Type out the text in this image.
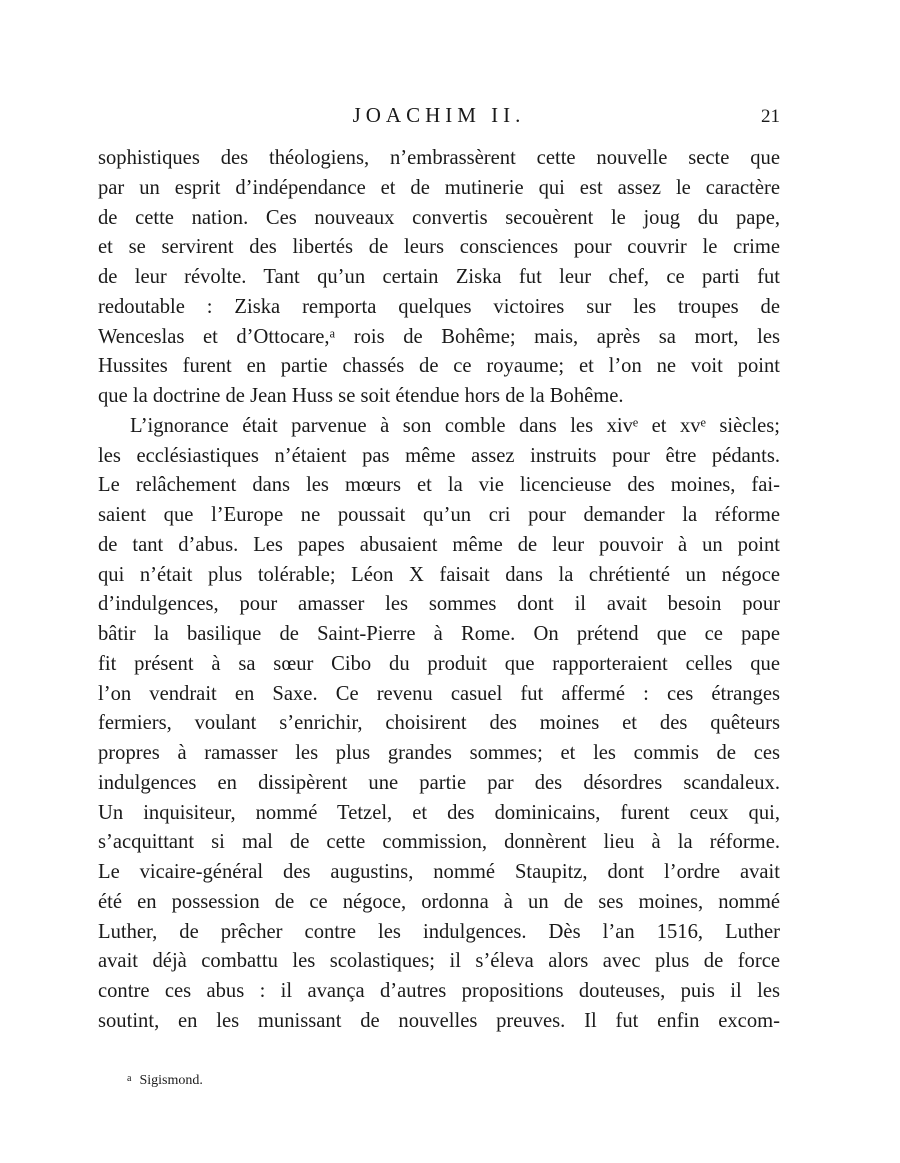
JOACHIM II.	21
sophistiques des théologiens, n’embrassèrent cette nouvelle secte que
par un esprit d’indépendance et de mutinerie qui est assez le caractère
de cette nation. Ces nouveaux convertis secouèrent le joug du pape,
et se servirent des libertés de leurs consciences pour couvrir le crime
de leur révolte. Tant qu’un certain Ziska fut leur chef, ce parti fut
redoutable : Ziska remporta quelques victoires sur les troupes de
Wenceslas et d’Ottocare,ᵃ rois de Bohême; mais, après sa mort, les
Hussites furent en partie chassés de ce royaume; et l’on ne voit point
que la doctrine de Jean Huss se soit étendue hors de la Bohême.
L’ignorance était parvenue à son comble dans les xivᵉ et xvᵉ siècles;
les ecclésiastiques n’étaient pas même assez instruits pour être pédants.
Le relâchement dans les mœurs et la vie licencieuse des moines, fai-
saient que l’Europe ne poussait qu’un cri pour demander la réforme
de tant d’abus. Les papes abusaient même de leur pouvoir à un point
qui n’était plus tolérable; Léon X faisait dans la chrétienté un négoce
d’indulgences, pour amasser les sommes dont il avait besoin pour
bâtir la basilique de Saint-Pierre à Rome. On prétend que ce pape
fit présent à sa sœur Cibo du produit que rapporteraient celles que
l’on vendrait en Saxe. Ce revenu casuel fut affermé : ces étranges
fermiers, voulant s’enrichir, choisirent des moines et des quêteurs
propres à ramasser les plus grandes sommes; et les commis de ces
indulgences en dissipèrent une partie par des désordres scandaleux.
Un inquisiteur, nommé Tetzel, et des dominicains, furent ceux qui,
s’acquittant si mal de cette commission, donnèrent lieu à la réforme.
Le vicaire-général des augustins, nommé Staupitz, dont l’ordre avait
été en possession de ce négoce, ordonna à un de ses moines, nommé
Luther, de prêcher contre les indulgences. Dès l’an 1516, Luther
avait déjà combattu les scolastiques; il s’éleva alors avec plus de force
contre ces abus : il avança d’autres propositions douteuses, puis il les
soutint, en les munissant de nouvelles preuves. Il fut enfin excom-
$^a$ Sigismond.
